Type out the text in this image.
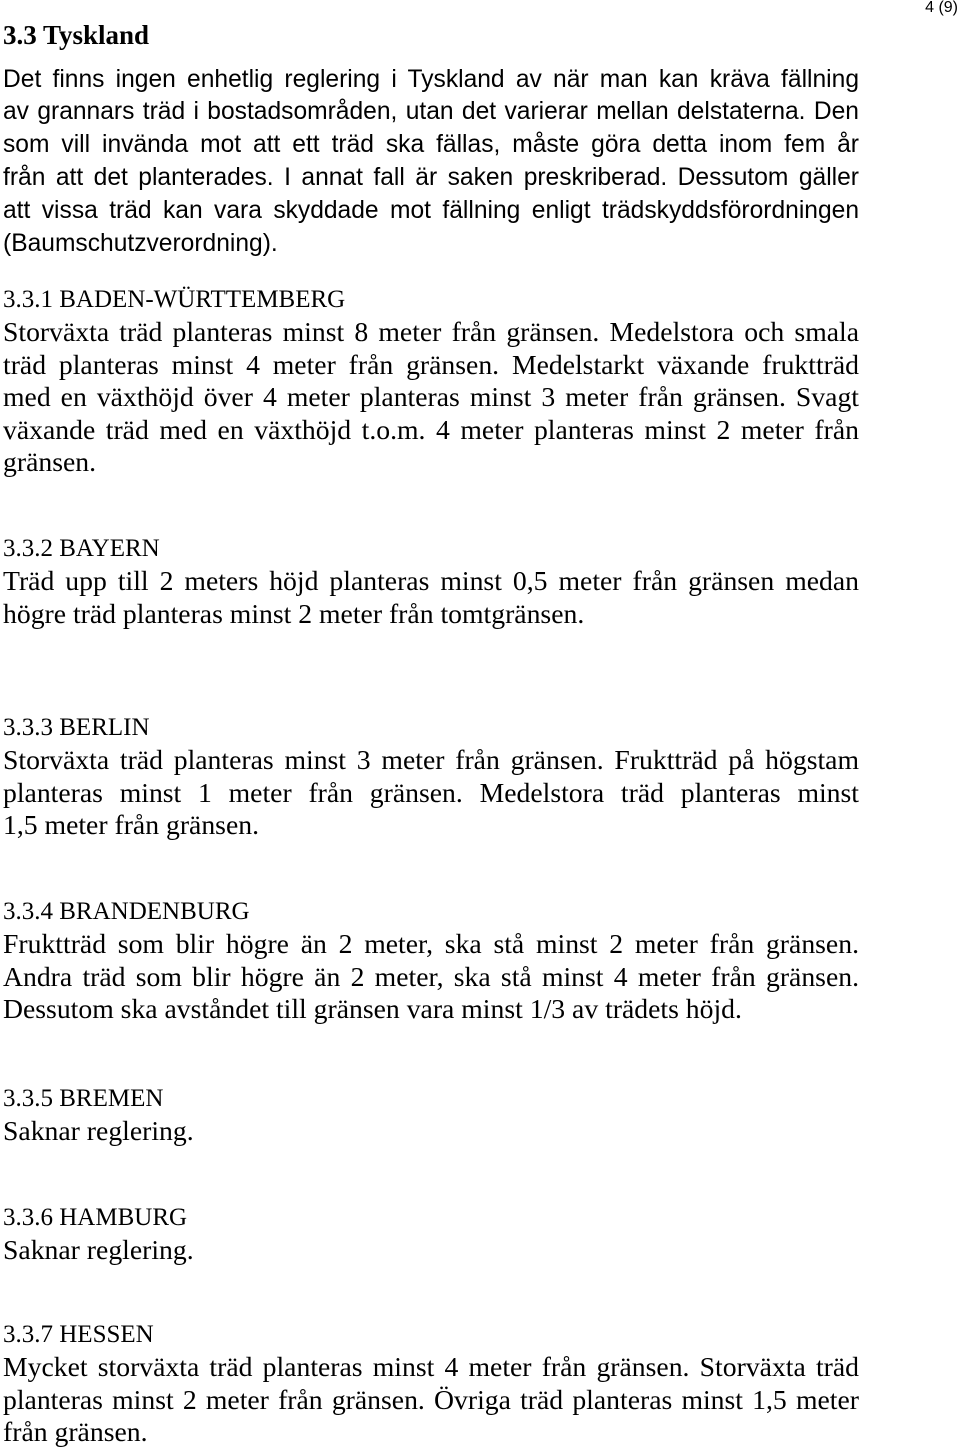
4 (9)
3.3 Tyskland
Det finns ingen enhetlig reglering i Tyskland av när man kan kräva fällning
av grannars träd i bostadsområden, utan det varierar mellan delstaterna. Den
som vill invända mot att ett träd ska fällas, måste göra detta inom fem år
från att det planterades. I annat fall är saken preskriberad. Dessutom gäller
att vissa träd kan vara skyddade mot fällning enligt trädskyddsförordningen
(Baumschutzverordning).
3.3.1 BADEN-WÜRTTEMBERG
Storväxta träd planteras minst 8 meter från gränsen. Medelstora och smala
träd planteras minst 4 meter från gränsen. Medelstarkt växande fruktträd
med en växthöjd över 4 meter planteras minst 3 meter från gränsen. Svagt
växande träd med en växthöjd t.o.m. 4 meter planteras minst 2 meter från
gränsen.
3.3.2 BAYERN
Träd upp till 2 meters höjd planteras minst 0,5 meter från gränsen medan
högre träd planteras minst 2 meter från tomtgränsen.
3.3.3 BERLIN
Storväxta träd planteras minst 3 meter från gränsen. Fruktträd på högstam
planteras minst 1 meter från gränsen. Medelstora träd planteras minst
1,5 meter från gränsen.
3.3.4 BRANDENBURG
Fruktträd som blir högre än 2 meter, ska stå minst 2 meter från gränsen.
Andra träd som blir högre än 2 meter, ska stå minst 4 meter från gränsen.
Dessutom ska avståndet till gränsen vara minst 1/3 av trädets höjd.
3.3.5 BREMEN
Saknar reglering.
3.3.6 HAMBURG
Saknar reglering.
3.3.7 HESSEN
Mycket storväxta träd planteras minst 4 meter från gränsen. Storväxta träd
planteras minst 2 meter från gränsen. Övriga träd planteras minst 1,5 meter
från gränsen.
